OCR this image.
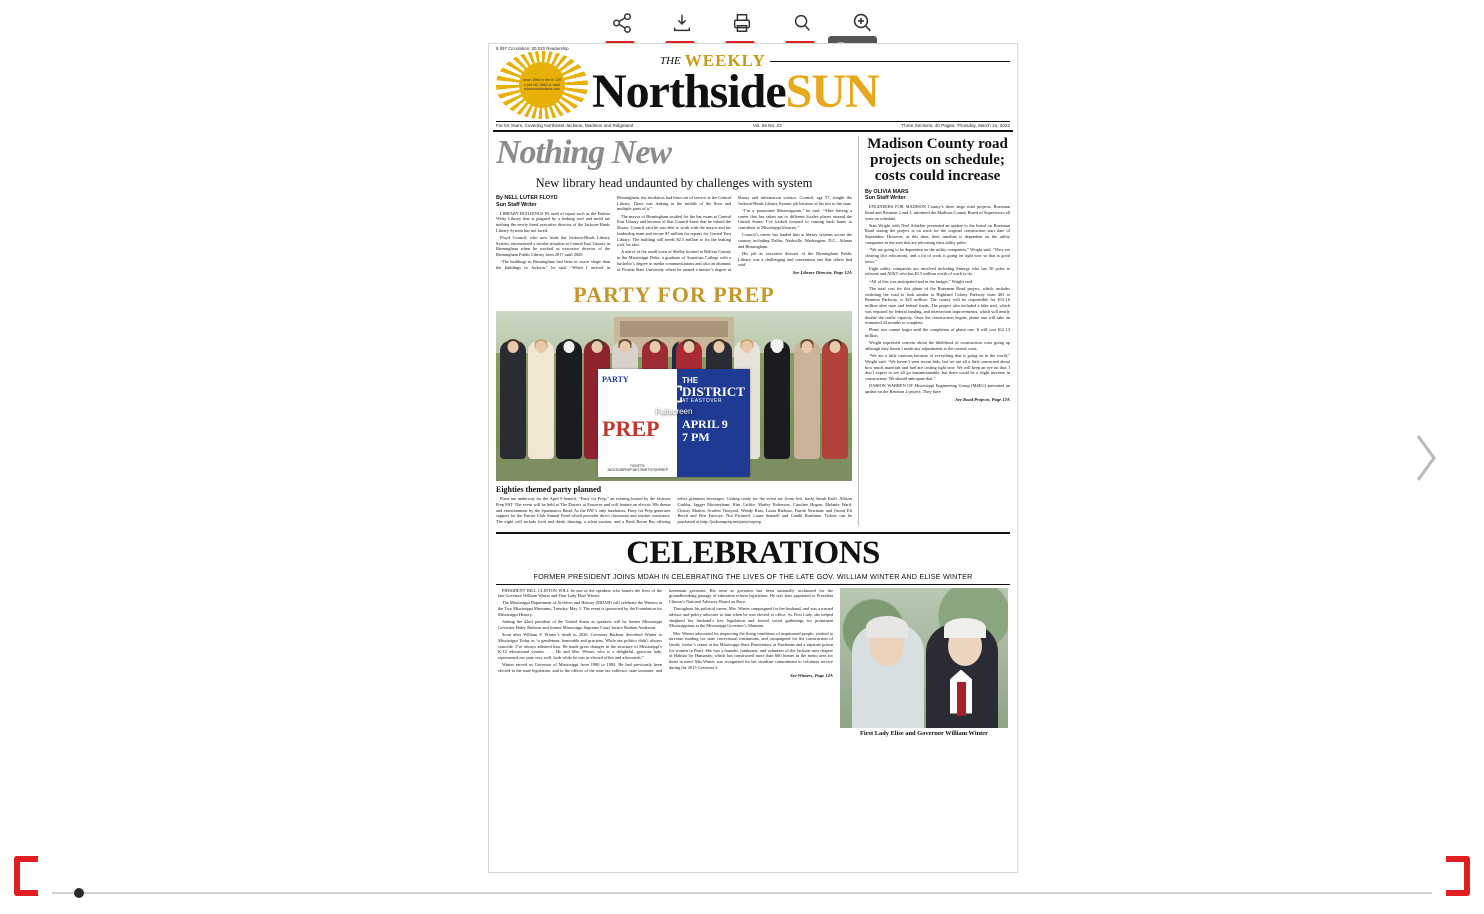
9,097 Circulation; 30,020 Readership
since 1966 in the m 310 s put NO 1562 or read shortcontributions.com
THE WEEKLY
NorthsideSUN
For 54 Years, Covering Northeast Jackson, Madison and Ridgeland	Vol. 55 No. 23	Three Sections, 40 Pages, Thursday, March 24, 2022
Nothing New
New library head undaunted by challenges with system
By NELL LUTER FLOYD
Sun Staff Writer

LIBRARY BUILDINGS IN need of repair such as the Eudora Welty Library that is plagued by a leaking roof and mold are nothing the newly hired executive director of the Jackson-Hinds Library System has not faced.

Floyd Council, who now leads the Jackson-Hinds Library System, encountered a similar situation at Central East Library in Birmingham when he worked as executive director of the Birmingham Public Library from 2017 until 2020.

“The buildings in Birmingham had been in worse shape than the buildings in Jackson,” he said. “When I arrived in Birmingham, the escalators had been out of service at the Central Library. There was leaking in the middle of the floor and multiple parts of it.”

The mayor of Birmingham studied for the bar exam at Central East Library and because of that Council knew that he valued the library. Council said he was able to work with the mayor and his leadership team and secure $7 million for repairs for Central East Library. The building still needs $2.5 million to fix the leaking roof, he said.

A native of the small town of Shelby located in Bolivar County in the Mississippi Delta, a graduate of American College with a bachelor’s degree in media communications and also an alumnus of Florida State University where he earned a master’s degree in library and information science, Council, age 57, sought the Jackson-Hinds Library System job because of his ties to the state.

“I’m a passionate Mississippian,” he said. “After having a career that has taken me to different locales places around the United States, I’ve looked forward to coming back home to contribute to Mississippi libraries.”

Council’s career has landed him at library systems across the country including Dallas, Nashville, Washington, D.C., Atlanta and Birmingham.

His job as executive director of the Birmingham Public Library was a challenging and contentious one that others had said.

See Library Director, Page 12A
PARTY FOR PREP
PARTY
PREP
TICKETS: JACKSONPREP.NET/PARTYFORPREP
THE
DISTRICT
AT EASTOVER
APRIL 9
7 PM
Fullscreen
Eighties themed party planned

Plans are underway for the April 9 benefit, “Party for Prep,” an evening hosted by the Jackson Prep PAT. The event will be held at The District at Eastover and will feature an electric 80s theme and entertainment by the Spazmatics Band. As the PAT’s only fundraiser, Party for Prep generates support for the Patriot Club Annual Fund which provides direct classroom and teacher assistance. The night will include food and drink, dancing, a silent auction, and a Back Room Bar offering select premium beverages. Getting ready for the event are (from left, back) Sarah Ezell, Allison Grubbs, Jagger Mooneyham, Kim Griffin, Marley Roberson, Caroline Hogan, Melanie Ward, Christy Marion, Scarlett Vineyard, Wendy Russ, Laura Barbour, Farrah Newman; and (front) Eli Berch and Ben Futvoye. Not Pictured: Laura Stansell and Cambi Burnham. Tickets can be purchased at http://jacksonprep.net/partyforprep.

Madison County road projects on schedule; costs could increase
By OLIVIA MARS
Sun Staff Writer

ENGINEERS FOR MADISON County’s three large road projects, Bozeman Road and Reunion 2 and 3, informed the Madison County Board of Supervisors all were on schedule.

Stan Wright with Neel Schaffer presented an update to the board on Bozeman Road stating the project is on track for the original construction start date of September. However, at this time, their timeline is dependent on the utility companies in the area that are relocating their utility poles.

“We are going to be dependent on the utility companies,” Wright said. “They are clearing (for relocation), and a lot of work is going on right now so that is good news.”

Eight utility companies are involved including Entergy who has 50 poles to relocate and AT&T who has $1.5 million worth of work to do.

“All of this was anticipated and in the budget,” Wright said.

The total cost for this phase of the Bozeman Road project, which includes widening the road to look similar to Highland Colony Parkway from 463 to Reunion Parkway, is $25 million. The county will be responsible for $15-16 million after state and federal funds. The project also included a bike trail, which was required for federal funding, and intersection improvements, which will nearly double the traffic capacity. Once the construction begins, phase one will take an estimated 24 months to complete.

Phase two cannot begin until the completion of phase one. It will cost $12-13 million.

Wright expressed concern about the likelihood of construction costs going up although they haven’t made any adjustments to the current costs.

“We are a little cautious because of everything that is going on in the world,” Wright said. “We haven’t seen recent bids, but we are all a little concerned about how much materials and fuel are costing right now. We will keep an eye on that. I don’t expect to see all go insurmountable, but there could be a slight increase in construction. We should anticipate that.”

DARION WARREN OF Mississippi Engineering Group (MSEG) presented an update on the Reunion 2 project. They have

See Road Projects, Page 12A
CELEBRATIONS
FORMER PRESIDENT JOINS MDAH IN CELEBRATING THE LIVES OF THE LATE GOV. WILLIAM WINTER AND ELISE WINTER

PRESIDENT BILL CLINTON WILL be one of the speakers who honors the lives of the late Governor William Winter and First Lady Elise Winter.

The Mississippi Department of Archives and History (MDAH) will celebrate the Winters at the Two Mississippi Museums, Tuesday, May 3. The event is sponsored by the Foundation for Mississippi History.

Joining the 42nd president of the United States as speakers will be former Mississippi Governor Haley Barbour and former Mississippi Supreme Court Justice Reuben Anderson.

Soon after William F. Winter’s death in 2020, Governor Barbour described Winter to Mississippi Today as “a gentleman, honorable and gracious. While our politics didn’t always coincide, I’ve always admired him. He made great changes in the structure of Mississippi’s K-12 educational system . . . He and Mrs. Winter, who is a delightful, gracious lady, represented our state very well, both while he was in elected office and afterwards.”

Winter served as Governor of Mississippi from 1980 to 1984. He had previously been elected to the state legislature, and to the offices of the state tax collector, state treasurer, and lieutenant governor. His term as governor has been nationally acclaimed for the groundbreaking passage of education reform legislation. He was later appointed to President Clinton’s National Advisory Board on Race.

Throughout his political career, Mrs. Winter campaigned for her husband, and was a trusted advisor and policy advocate to him when he was elected to office. As First Lady, she helped shepherd her husband’s key legislation and hosted social gatherings for prominent Mississippians at the Mississippi Governor’s Mansion.

Mrs. Winter advocated for improving the living conditions of imprisoned people, worked to increase funding for state correctional institutions, and campaigned for the construction of family visitor’s center at the Mississippi State Penitentiary at Parchman and a separate prison for women in Pearl. She was a founder, fundraiser, and volunteer of the Jackson area chapter of Habitat for Humanity, which has constructed more than 600 homes in the metro area for those in need. Mrs.Winter was recognized for her steadfast commitment to volunteer service during the 2015 Governor’s

See Winters, Page 12A
First Lady Elise and Governor William Winter
